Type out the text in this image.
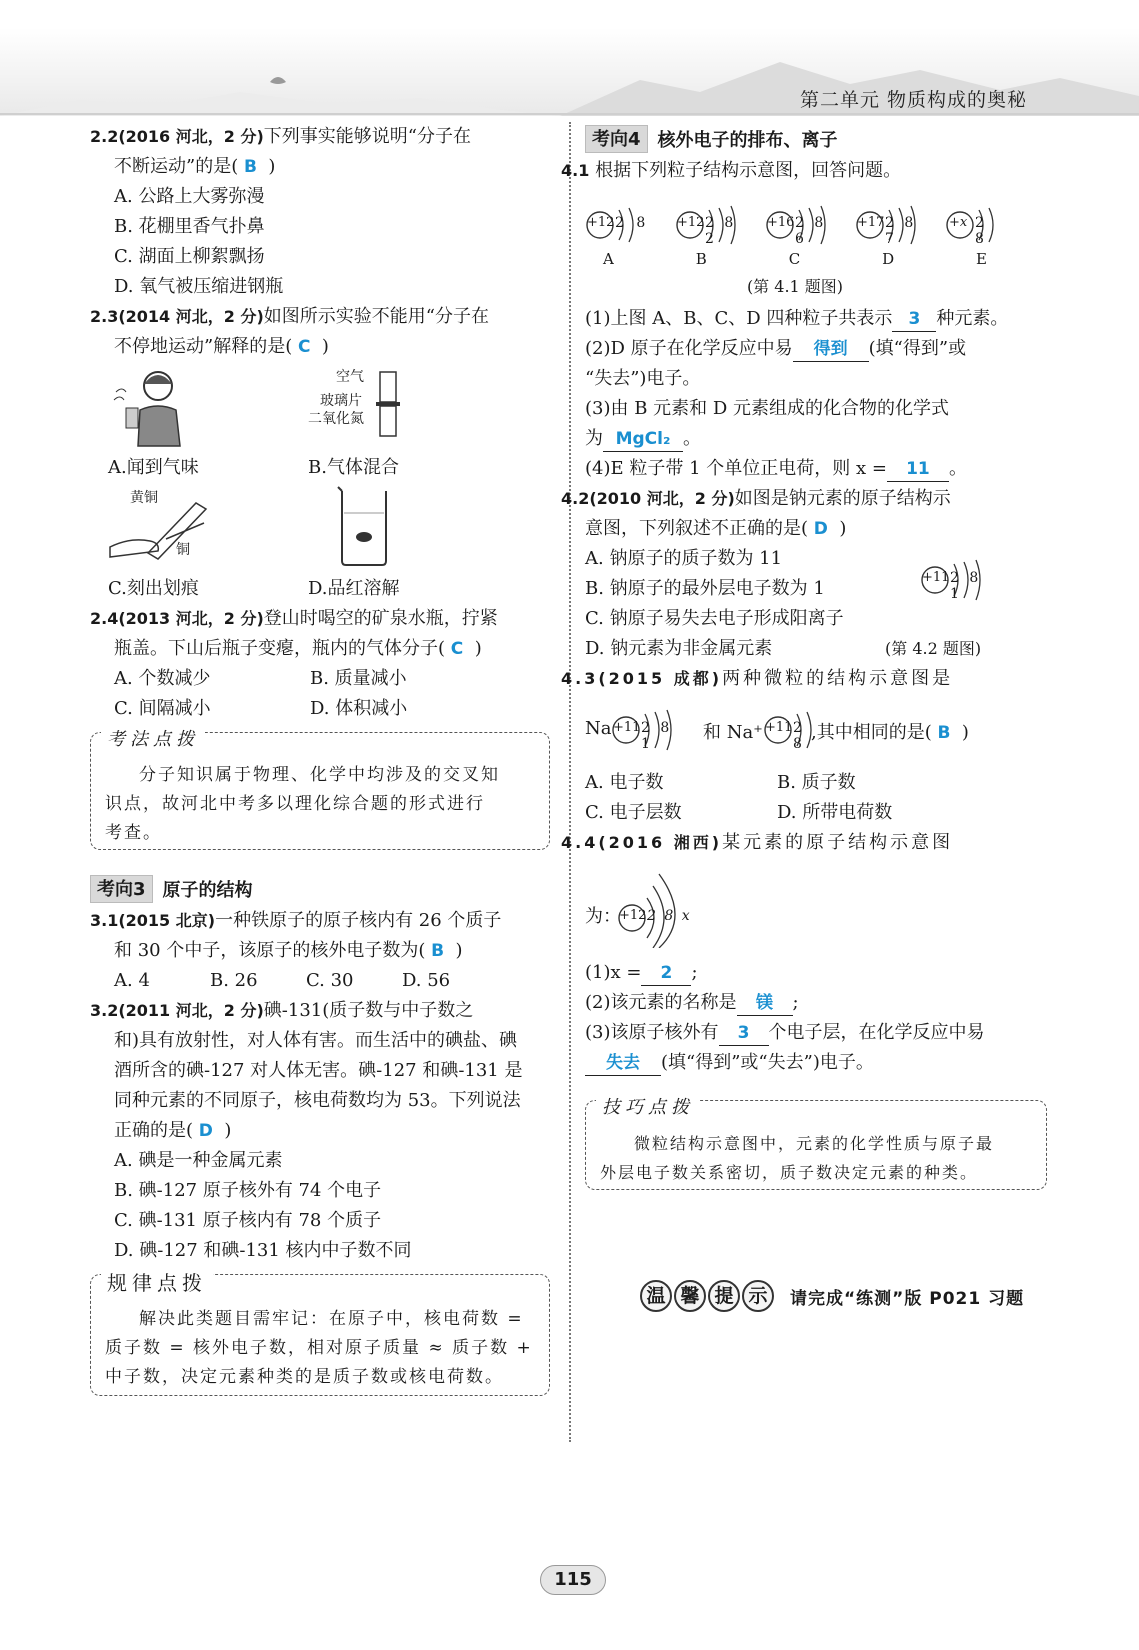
第二单元 物质构成的奥秘
2.2(2016 河北，2 分)下列事实能够说明“分子在
不断运动”的是( B )
A. 公路上大雾弥漫
B. 花棚里香气扑鼻
C. 湖面上柳絮飘扬
D. 氧气被压缩进钢瓶
2.3(2014 河北，2 分)如图所示实验不能用“分子在
不停地运动”解释的是( C )
空气
玻璃片
二氧化氮
A.闻到气味	B.气体混合
黄铜
铜
C.刻出划痕	D.品红溶解
2.4(2013 河北，2 分)登山时喝空的矿泉水瓶，拧紧
瓶盖。下山后瓶子变瘪，瓶内的气体分子( C )
A. 个数减少	B. 质量减小
C. 间隔减小	D. 体积减小
考法点拨
分子知识属于物理、化学中均涉及的交叉知
识点，故河北中考多以理化综合题的形式进行
考查。
考向3 原子的结构
3.1(2015 北京)一种铁原子的原子核内有 26 个质子
和 30 个中子，该原子的核外电子数为( B )
A. 4	B. 26	C. 30	D. 56
3.2(2011 河北，2 分)碘-131(质子数与中子数之
和)具有放射性，对人体有害。而生活中的碘盐、碘
酒所含的碘-127 对人体无害。碘-127 和碘-131 是
同种元素的不同原子，核电荷数均为 53。下列说法
正确的是( D )
A. 碘是一种金属元素
B. 碘-127 原子核外有 74 个电子
C. 碘-131 原子核内有 78 个质子
D. 碘-127 和碘-131 核内中子数不同
规律点拨
解决此类题目需牢记：在原子中，核电荷数 =
质子数 = 核外电子数，相对原子质量 ≈ 质子数 +
中子数，决定元素种类的是质子数或核电荷数。
考向4 核外电子的排布、离子
4.1 根据下列粒子结构示意图，回答问题。
+12 2 8 +12 2 8 2
+16 2 8 6
+17 2 8 7
+x 2 8
A	B	C	D	E
(第 4.1 题图)
(1)上图 A、B、C、D 四种粒子共表示 3 种元素。
(2)D 原子在化学反应中易 得到 (填“得到”或
“失去”)电子。
(3)由 B 元素和 D 元素组成的化合物的化学式
为 MgCl₂ 。
(4)E 粒子带 1 个单位正电荷，则 x = 11 。
4.2(2010 河北，2 分)如图是钠元素的原子结构示
意图，下列叙述不正确的是( D )
A. 钠原子的质子数为 11
B. 钠原子的最外层电子数为 1
C. 钠原子易失去电子形成阳离子
D. 钠元素为非金属元素
+11 2 8 1
(第 4.2 题图)
4.3(2015 成都)两种微粒的结构示意图是
Na +11 2 8 1
和 Na⁺ +11 2 8
,其中相同的是( B )
A. 电子数	B. 质子数
C. 电子层数	D. 所带电荷数
4.4(2016 湘西)某元素的原子结构示意图
为：
+12 2 8 x
(1)x = 2 ;
(2)该元素的名称是 镁 ;
(3)该原子核外有 3 个电子层，在化学反应中易
失去 (填“得到”或“失去”)电子。
技巧点拨
微粒结构示意图中，元素的化学性质与原子最
外层电子数关系密切，质子数决定元素的种类。
温 馨 提 示	请完成“练测”版 P021 习题
115
